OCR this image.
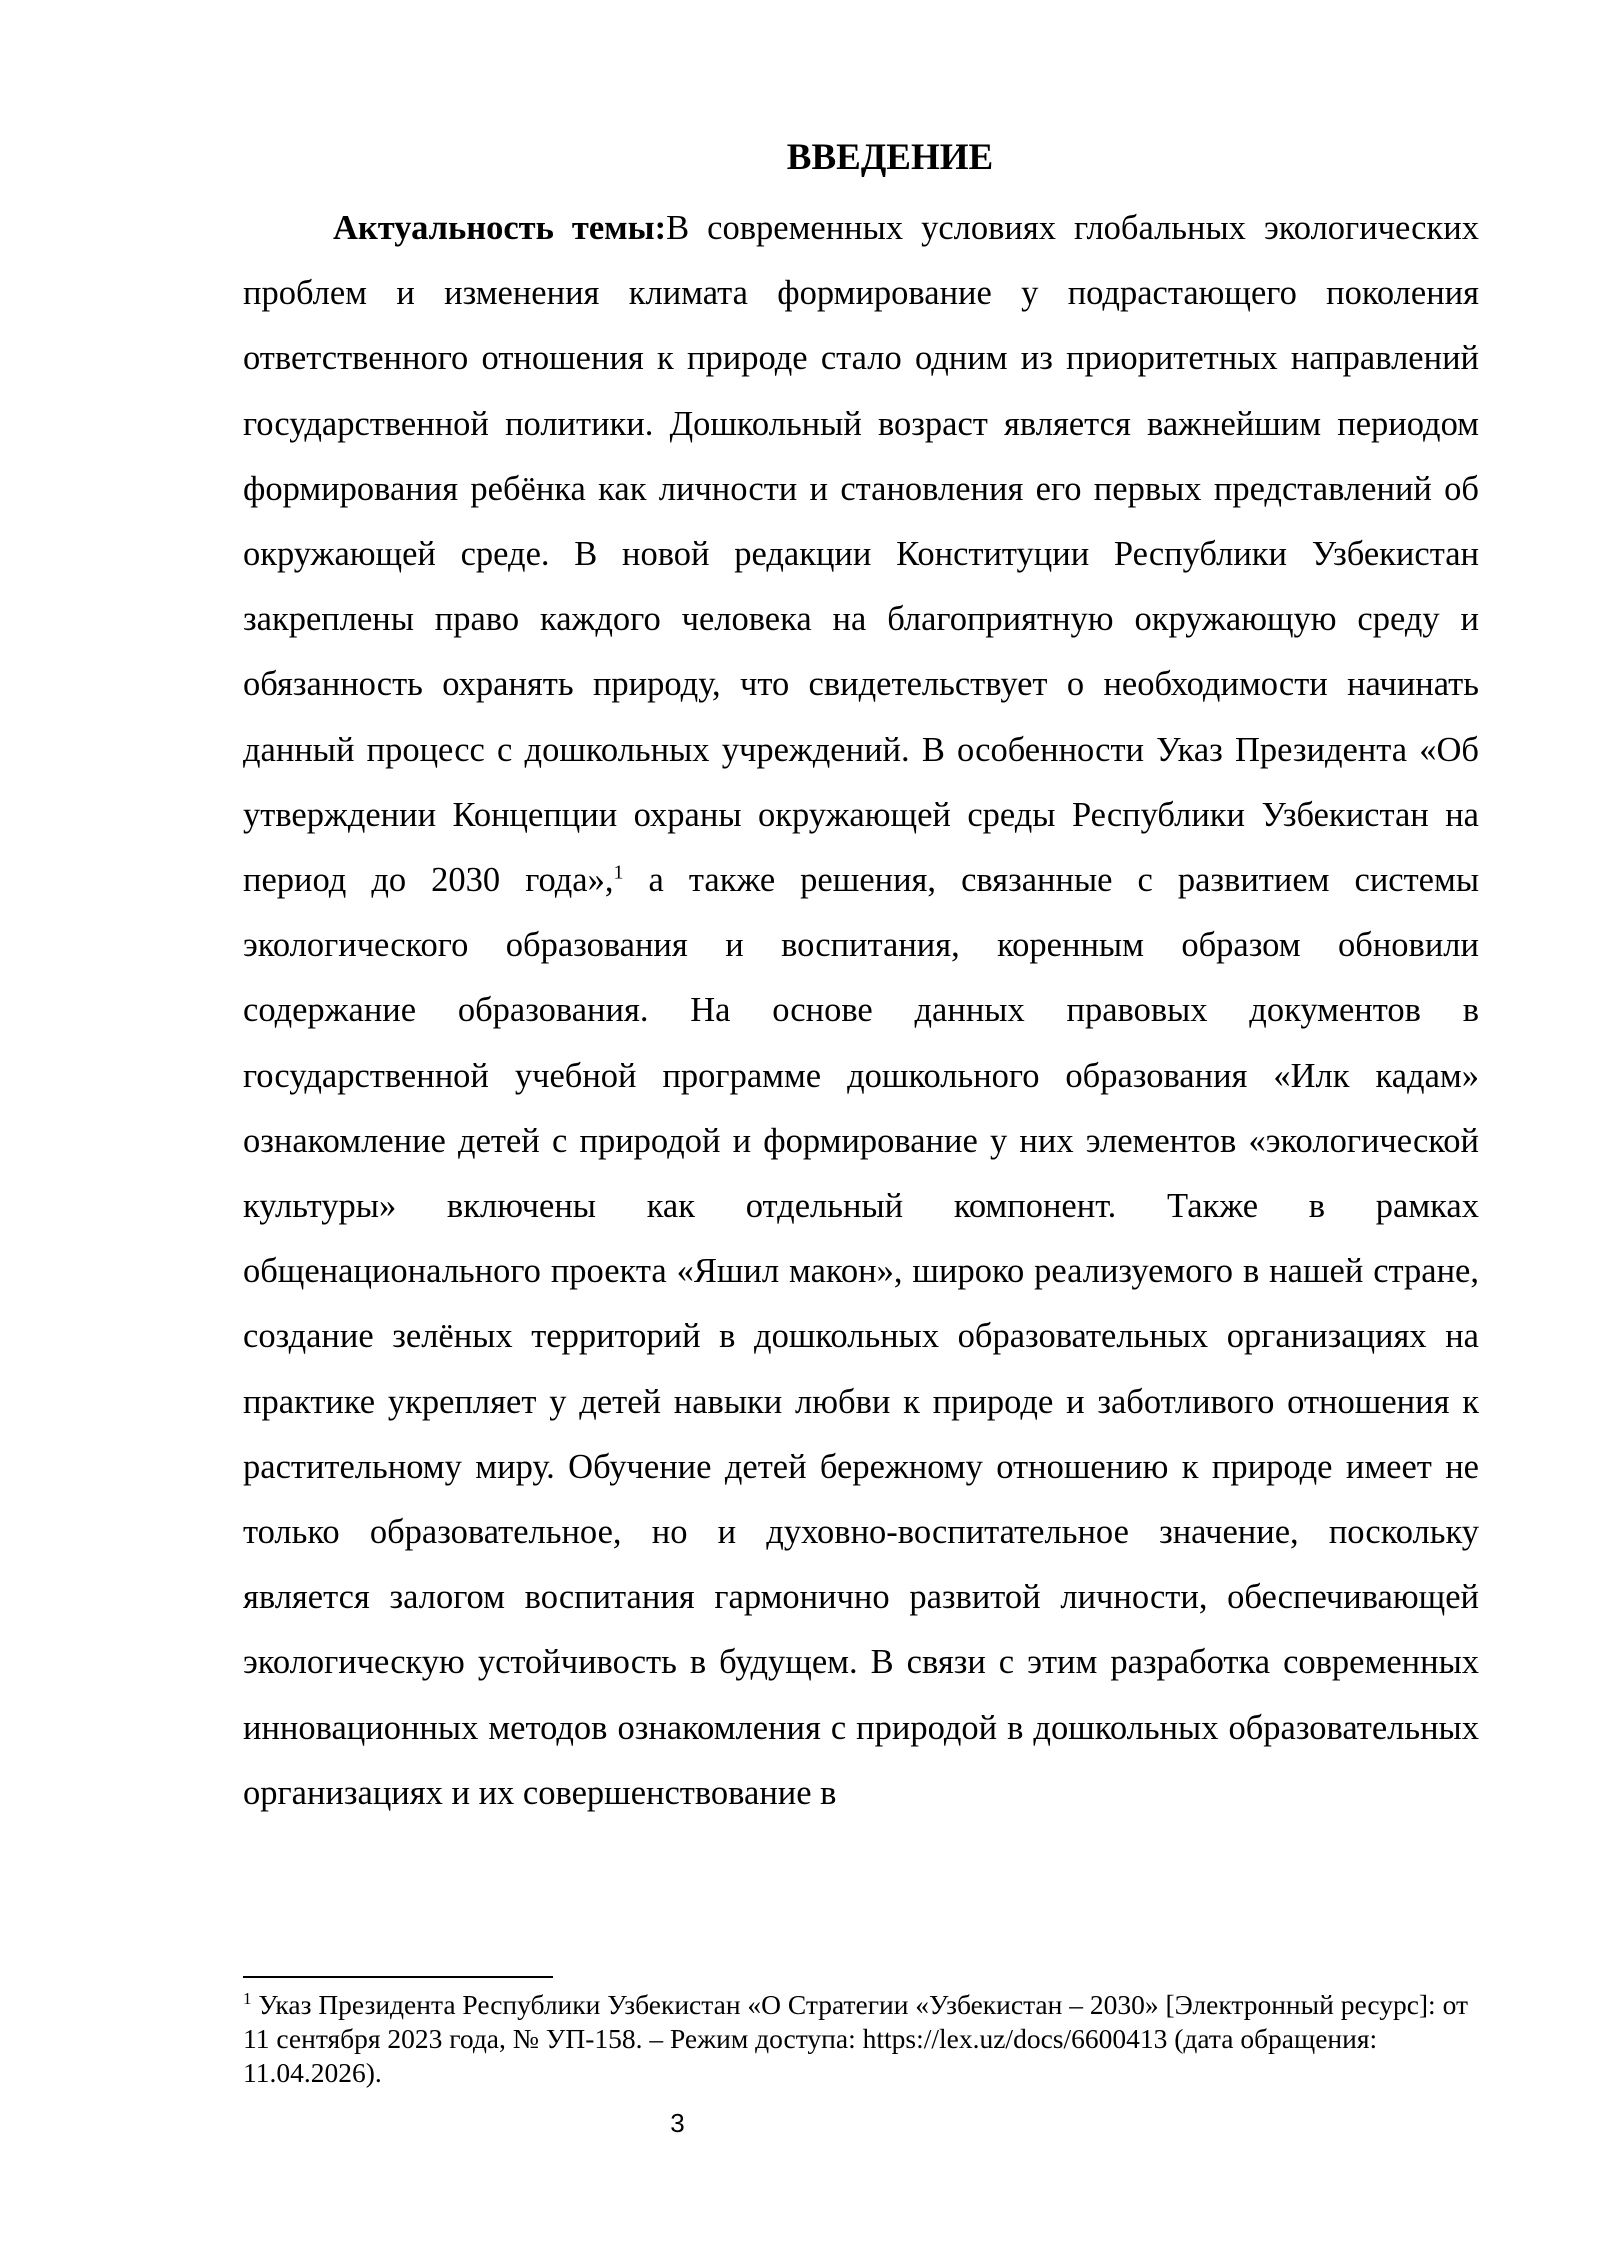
ВВЕДЕНИЕ

Актуальность темы:В современных условиях глобальных экологических проблем и изменения климата формирование у подрастающего поколения ответственного отношения к природе стало одним из приоритетных направлений государственной политики. Дошкольный возраст является важнейшим периодом формирования ребёнка как личности и становления его первых представлений об окружающей среде. В новой редакции Конституции Республики Узбекистан закреплены право каждого человека на благоприятную окружающую среду и обязанность охранять природу, что свидетельствует о необходимости начинать данный процесс с дошкольных учреждений. В особенности Указ Президента «Об утверждении Концепции охраны окружающей среды Республики Узбекистан на период до 2030 года»,$^1$ а также решения, связанные с развитием системы экологического образования и воспитания, коренным образом обновили содержание образования. На основе данных правовых документов в государственной учебной программе дошкольного образования «Илк кадам» ознакомление детей с природой и формирование у них элементов «экологической культуры» включены как отдельный компонент. Также в рамках общенационального проекта «Яшил макон», широко реализуемого в нашей стране, создание зелёных территорий в дошкольных образовательных организациях на практике укрепляет у детей навыки любви к природе и заботливого отношения к растительному миру. Обучение детей бережному отношению к природе имеет не только образовательное, но и духовно-воспитательное значение, поскольку является залогом воспитания гармонично развитой личности, обеспечивающей экологическую устойчивость в будущем. В связи с этим разработка современных инновационных методов ознакомления с природой в дошкольных образовательных организациях и их совершенствование в

$^1$ Указ Президента Республики Узбекистан «О Стратегии «Узбекистан – 2030» [Электронный ресурс]: от 11 сентября 2023 года, № УП-158. – Режим доступа: https://lex.uz/docs/6600413 (дата обращения: 11.04.2026).
3
